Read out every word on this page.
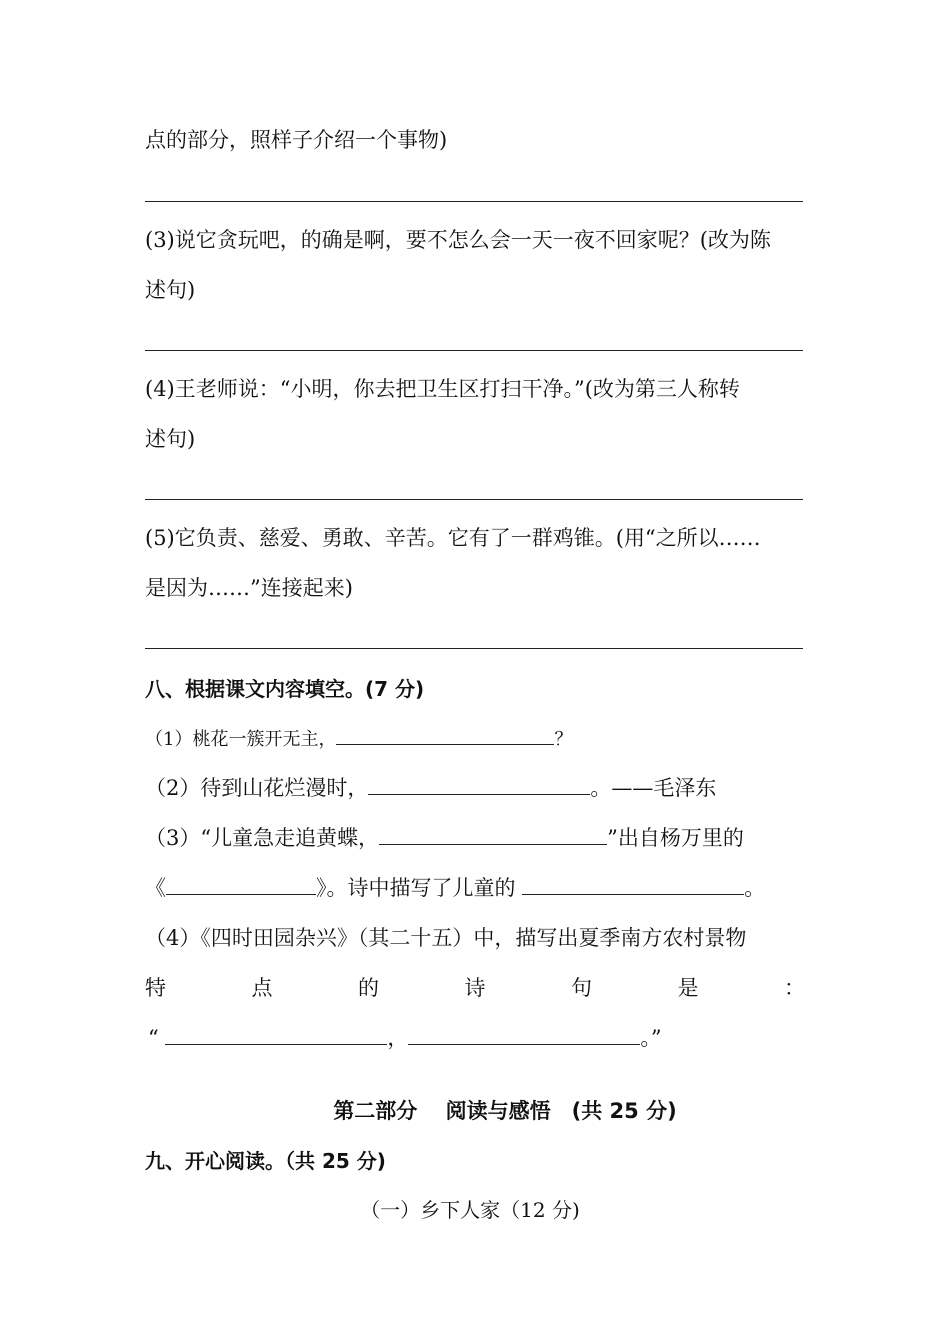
点的部分，照样子介绍一个事物)
(3)说它贪玩吧，的确是啊，要不怎么会一天一夜不回家呢？(改为陈
述句)
(4)王老师说：“小明，你去把卫生区打扫干净。”(改为第三人称转
述句)
(5)它负责、慈爱、勇敢、辛苦。它有了一群鸡锥。(用“之所以……
是因为……”连接起来)
八、根据课文内容填空。(7 分)
（1）桃花一簇开无主，	？
（2）待到山花烂漫时，	。——毛泽东
（3）“儿童急走追黄蝶，	”出自杨万里的
《	》。诗中描写了儿童的	。
（4）《四时田园杂兴》（其二十五）中，描写出夏季南方农村景物
特	点	的	诗	句	是	：
“	，	。”
第二部分　 阅读与感悟　(共 25 分)
九、开心阅读。（共 25 分)
（一）乡下人家（12 分)
